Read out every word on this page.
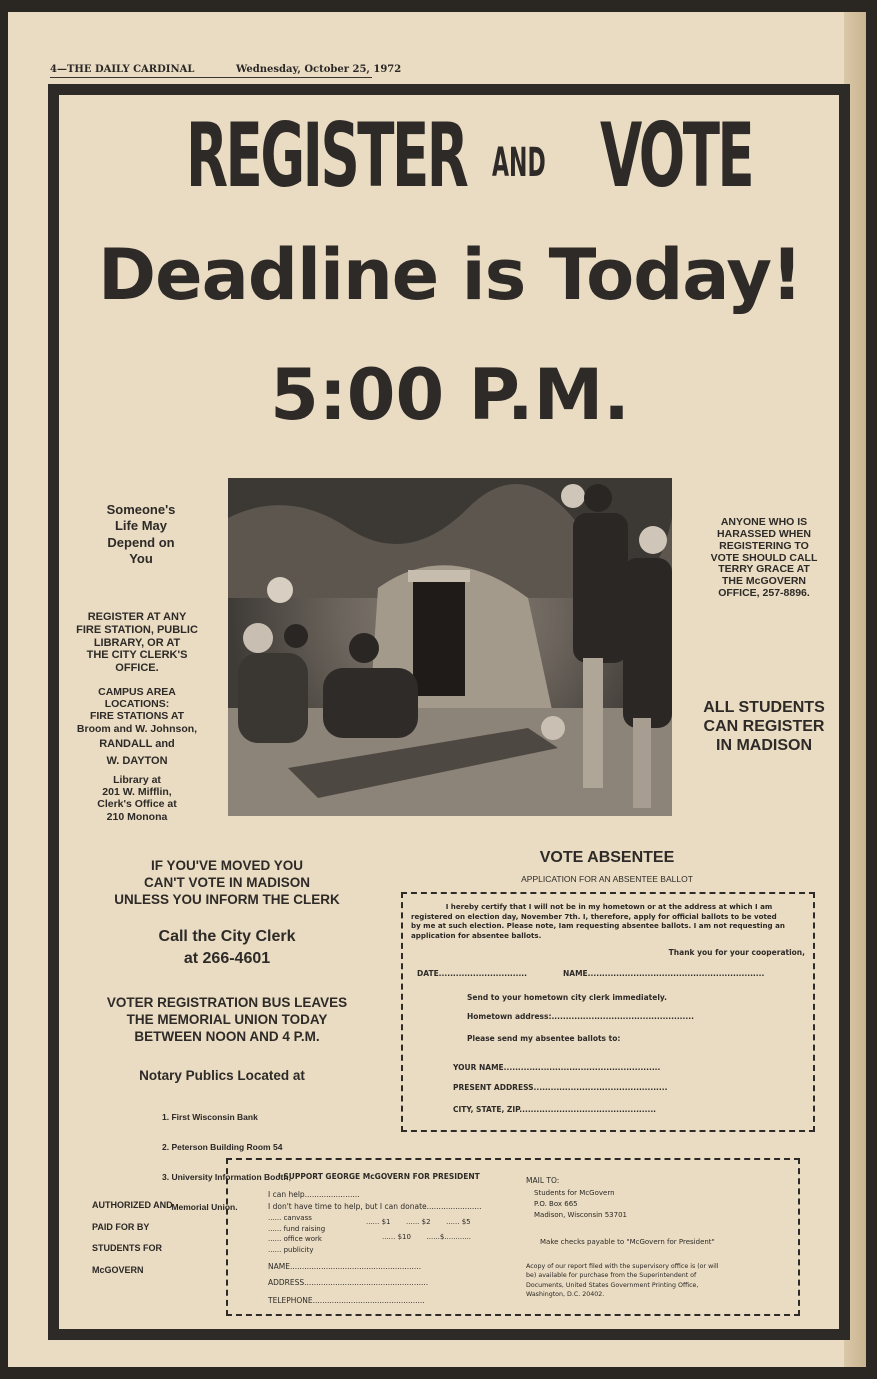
4—THE DAILY CARDINAL	Wednesday, October 25, 1972
REGISTER AND VOTE
Deadline is Today!
5:00 P.M.
Someone's
Life May
Depend on
You
REGISTER AT ANY
FIRE STATION, PUBLIC
LIBRARY, OR AT
THE CITY CLERK'S
OFFICE.
CAMPUS AREA
LOCATIONS:
FIRE STATIONS AT
Broom and W. Johnson,
RANDALL and
W. DAYTON
Library at
201 W. Mifflin,
Clerk's Office at
210 Monona
ANYONE WHO IS
HARASSED WHEN
REGISTERING TO
VOTE SHOULD CALL
TERRY GRACE AT
THE McGOVERN
OFFICE, 257-8896.
ALL STUDENTS
CAN REGISTER
IN MADISON
IF YOU'VE MOVED YOU
CAN'T VOTE IN MADISON
UNLESS YOU INFORM THE CLERK
Call the City Clerk
at 266-4601
VOTER REGISTRATION BUS LEAVES
THE MEMORIAL UNION TODAY
BETWEEN NOON AND 4 P.M.
Notary Publics Located at

1. First Wisconsin Bank

2. Peterson Building Room 54

3. University Information Booth,

Memorial Union.

VOTE ABSENTEE
APPLICATION FOR AN ABSENTEE BALLOT
I hereby certify that I will not be in my hometown or at the address at which I am
registered on election day, November 7th. I, therefore, apply for official ballots to be voted
by me at such election. Please note, Iam requesting absentee ballots. I am not requesting an
application for absentee ballots.
Thank you for your cooperation,
DATE...............................	NAME..............................................................
Send to your hometown city clerk immediately.
Hometown address:..................................................
Please send my absentee ballots to:
YOUR NAME.......................................................
PRESENT ADDRESS...............................................
CITY, STATE, ZIP................................................
AUTHORIZED AND
PAID FOR BY
STUDENTS FOR
McGOVERN
I SUPPORT GEORGE McGOVERN FOR PRESIDENT
I can help.......................
I don't have time to help, but I can donate.......................
...... canvass
...... fund raising
...... office work
...... publicity
...... $1       ...... $2       ...... $5
...... $10       ......$............
NAME.......................................................
ADDRESS....................................................
TELEPHONE...............................................
MAIL TO:
Students for McGovern
P.O. Box 665
Madison, Wisconsin 53701
Make checks payable to "McGovern for President"
Acopy of our report filed with the supervisory office is (or will
be) available for purchase from the Superintendent of
Documents, United States Government Printing Office,
Washington, D.C. 20402.
